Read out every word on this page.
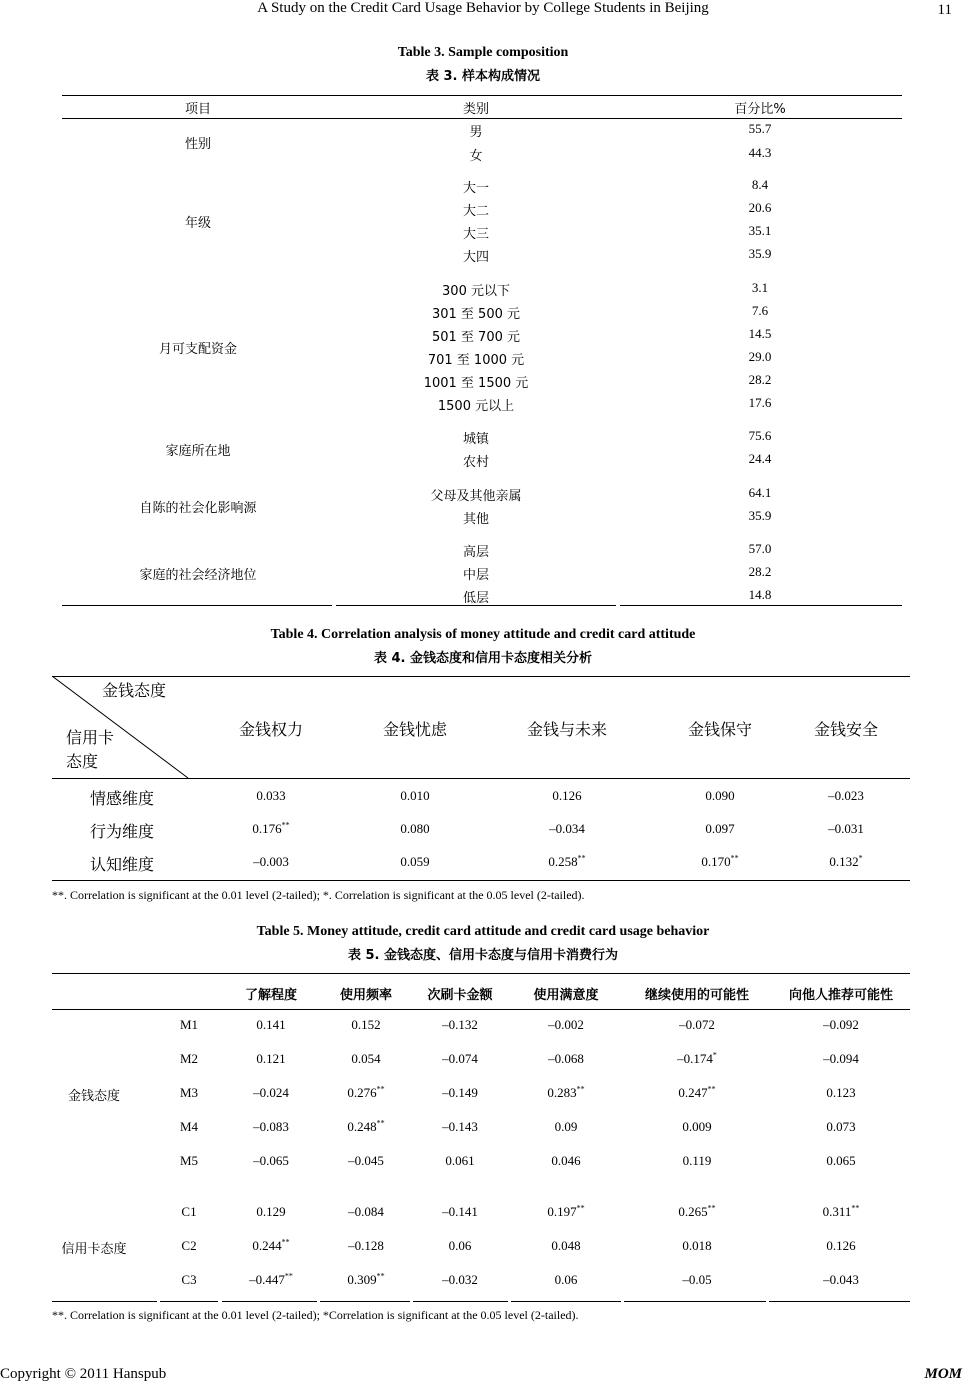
A Study on the Credit Card Usage Behavior by College Students in Beijing	11
Table 3. Sample composition
表 3. 样本构成情况
项目	类别	百分比%
性别
男	55.7
女	44.3
年级
大一	8.4
大二	20.6
大三	35.1
大四	35.9
月可支配资金
300 元以下	3.1
301 至 500 元	7.6
501 至 700 元	14.5
701 至 1000 元	29.0
1001 至 1500 元	28.2
1500 元以上	17.6
家庭所在地
城镇	75.6
农村	24.4
自陈的社会化影响源
父母及其他亲属	64.1
其他	35.9
家庭的社会经济地位
高层	57.0
中层	28.2
低层	14.8
Table 4. Correlation analysis of money attitude and credit card attitude
表 4. 金钱态度和信用卡态度相关分析
金钱态度
信用卡
态度
金钱权力	金钱忧虑	金钱与未来	金钱保守	金钱安全
情感维度	0.033	0.010	0.126	0.090	–0.023
行为维度	0.176**	0.080	–0.034	0.097	–0.031
认知维度	–0.003	0.059	0.258**	0.170**	0.132*
**. Correlation is significant at the 0.01 level (2-tailed); *. Correlation is significant at the 0.05 level (2-tailed).
Table 5. Money attitude, credit card attitude and credit card usage behavior
表 5. 金钱态度、信用卡态度与信用卡消费行为
了解程度	使用频率	次刷卡金额	使用满意度	继续使用的可能性	向他人推荐可能性
金钱态度
M1	0.141	0.152	–0.132	–0.002	–0.072	–0.092
M2	0.121	0.054	–0.074	–0.068	–0.174*	–0.094
M3	–0.024	0.276**	–0.149	0.283**	0.247**	0.123
M4	–0.083	0.248**	–0.143	0.09	0.009	0.073
M5	–0.065	–0.045	0.061	0.046	0.119	0.065
信用卡态度
C1	0.129	–0.084	–0.141	0.197**	0.265**	0.311**
C2	0.244**	–0.128	0.06	0.048	0.018	0.126
C3	–0.447**	0.309**	–0.032	0.06	–0.05	–0.043
**. Correlation is significant at the 0.01 level (2-tailed); *Correlation is significant at the 0.05 level (2-tailed).
Copyright © 2011 Hanspub	MOM
